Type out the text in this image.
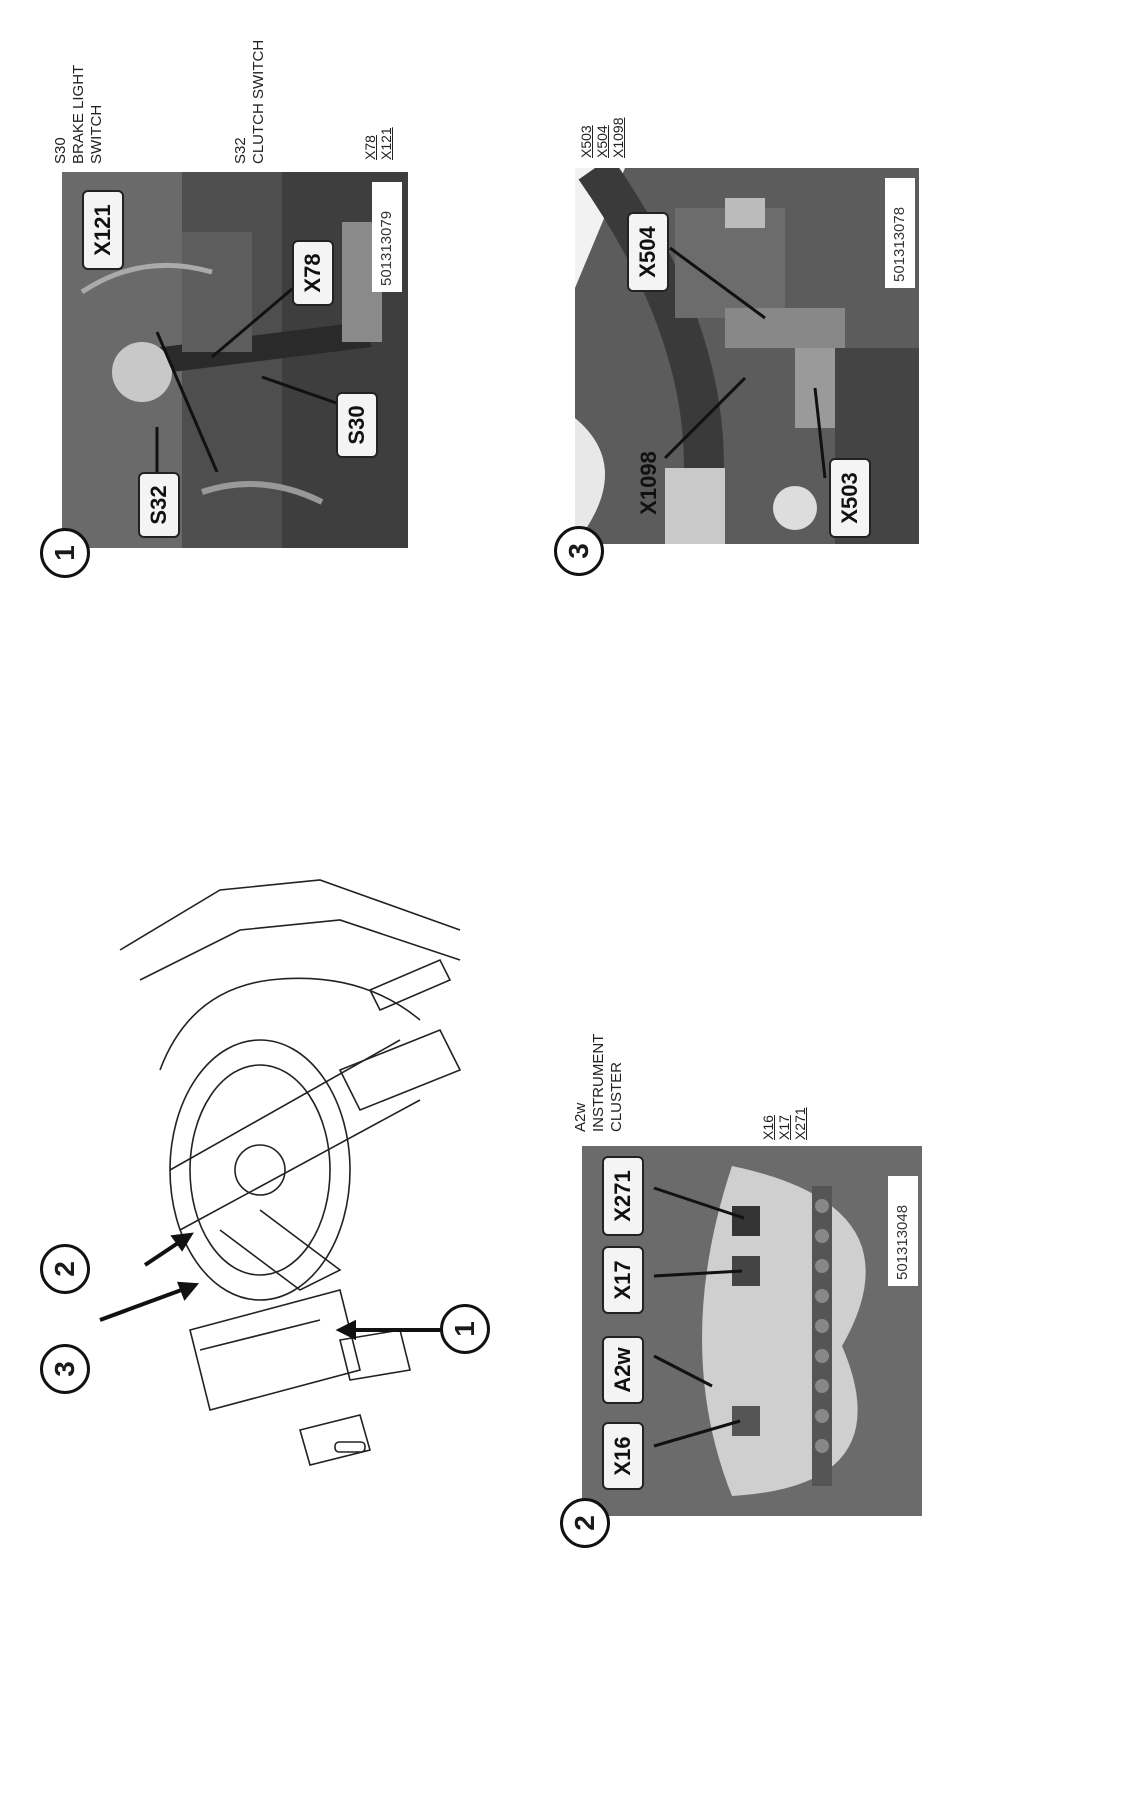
X121
X78
S30
S32
501313079
1
S30 BRAKE LIGHT SWITCH	S32 CLUTCH SWITCH	X78 X121
X504
X1098	X503
501313078
3
X503 X504 X1098
3
2
1
X271
X17
A2w
X16
501313048
2
A2w INSTRUMENT CLUSTER	X16 X17 X271
